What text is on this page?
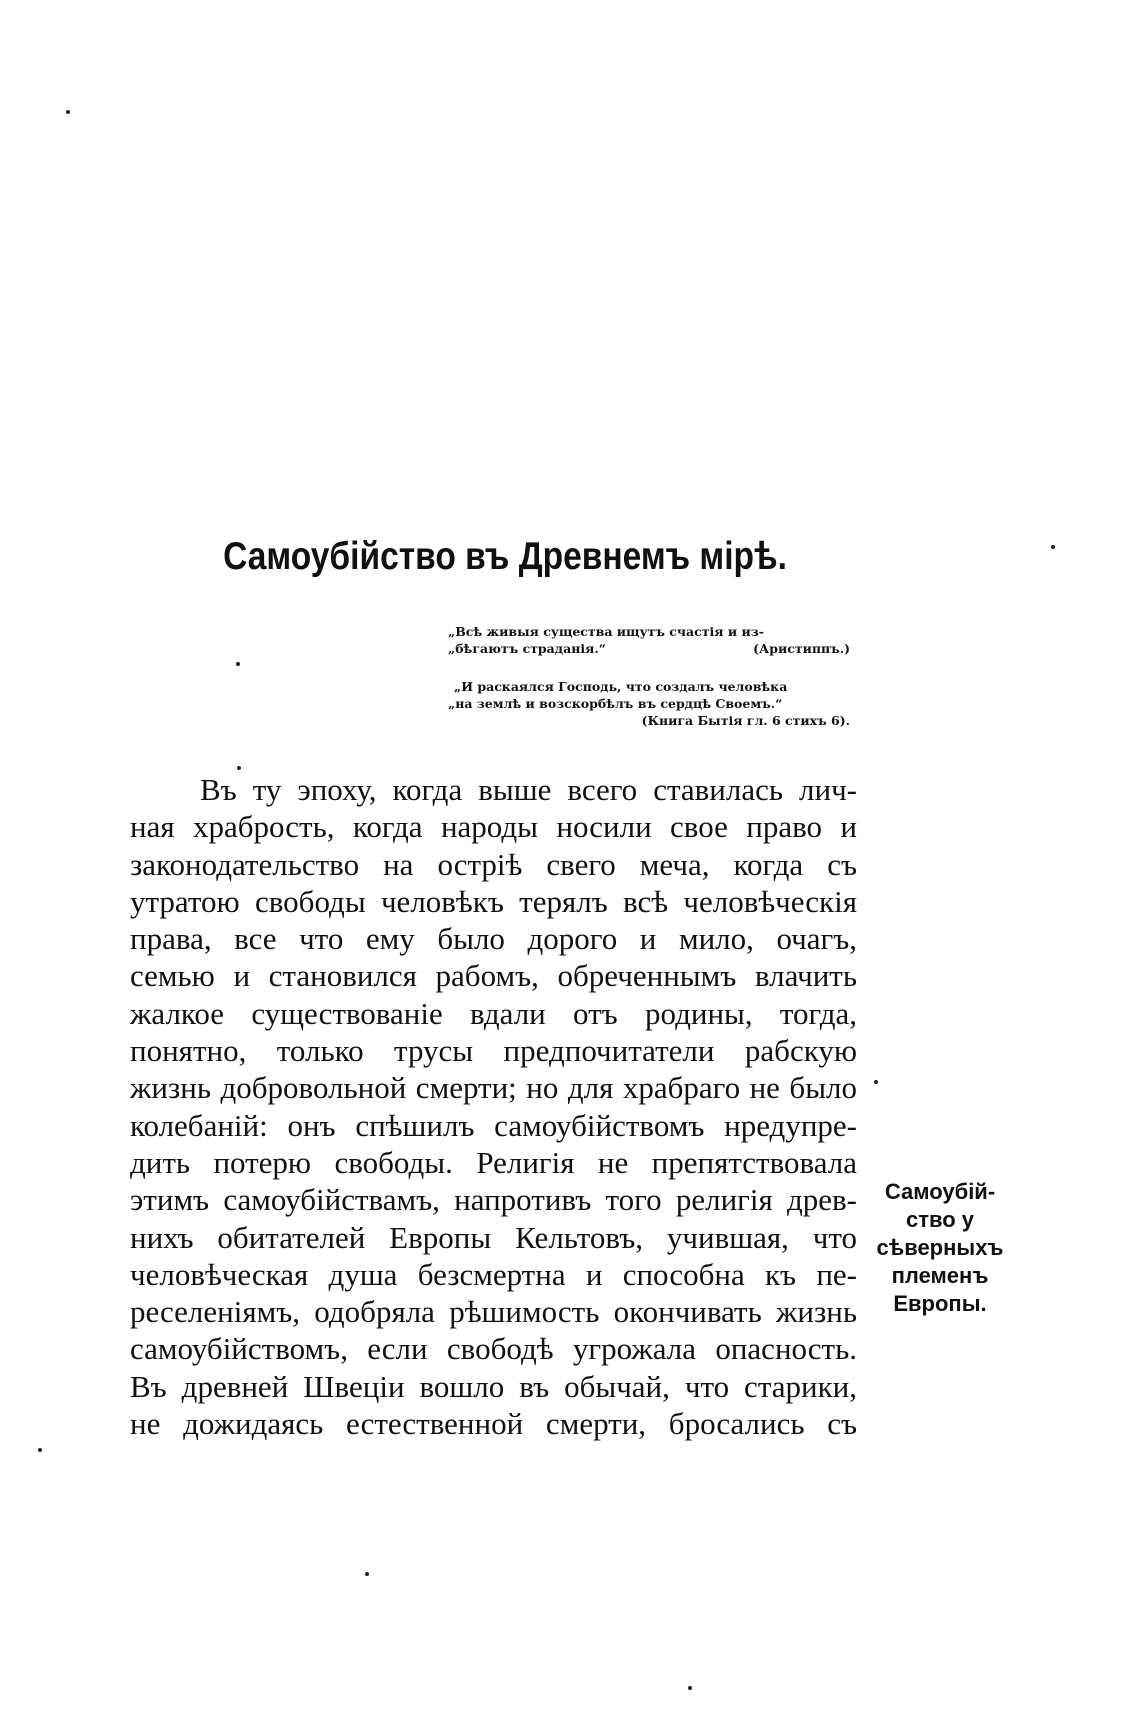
Самоубійство въ Древнемъ мірѣ.
„Всѣ живыя существа ищутъ счастія и из-
„бѣгаютъ страданія.“	(Аристиппъ.)
„И раскаялся Господь, что создалъ человѣка
„на землѣ и возскорбѣлъ въ сердцѣ Своемъ.“
(Книга Бытія гл. 6 стихъ 6).
Въ ту эпоху, когда выше всего ставилась лич-
ная храбрость, когда народы носили свое право и
законодательство на остріѣ свего меча, когда съ
утратою свободы человѣкъ терялъ всѣ человѣческія
права, все что ему было дорого и мило, очагъ,
семью и становился рабомъ, обреченнымъ влачить
жалкое существованіе вдали отъ родины, тогда,
понятно, только трусы предпочитатели рабскую
жизнь добровольной смерти; но для храбраго не было
колебаній: онъ спѣшилъ самоубійствомъ нредупре-
дить потерю свободы. Религія не препятствовала
этимъ самоубійствамъ, напротивъ того религія древ-
нихъ обитателей Европы Кельтовъ, учившая, что
человѣческая душа безсмертна и способна къ пе-
реселеніямъ, одобряла рѣшимость окончивать жизнь
самоубійствомъ, если свободѣ угрожала опасность.
Въ древней Швеціи вошло въ обычай, что старики,
не дожидаясь естественной смерти, бросались съ
Самоубій-
ство у
сѣверныхъ
племенъ
Европы.
